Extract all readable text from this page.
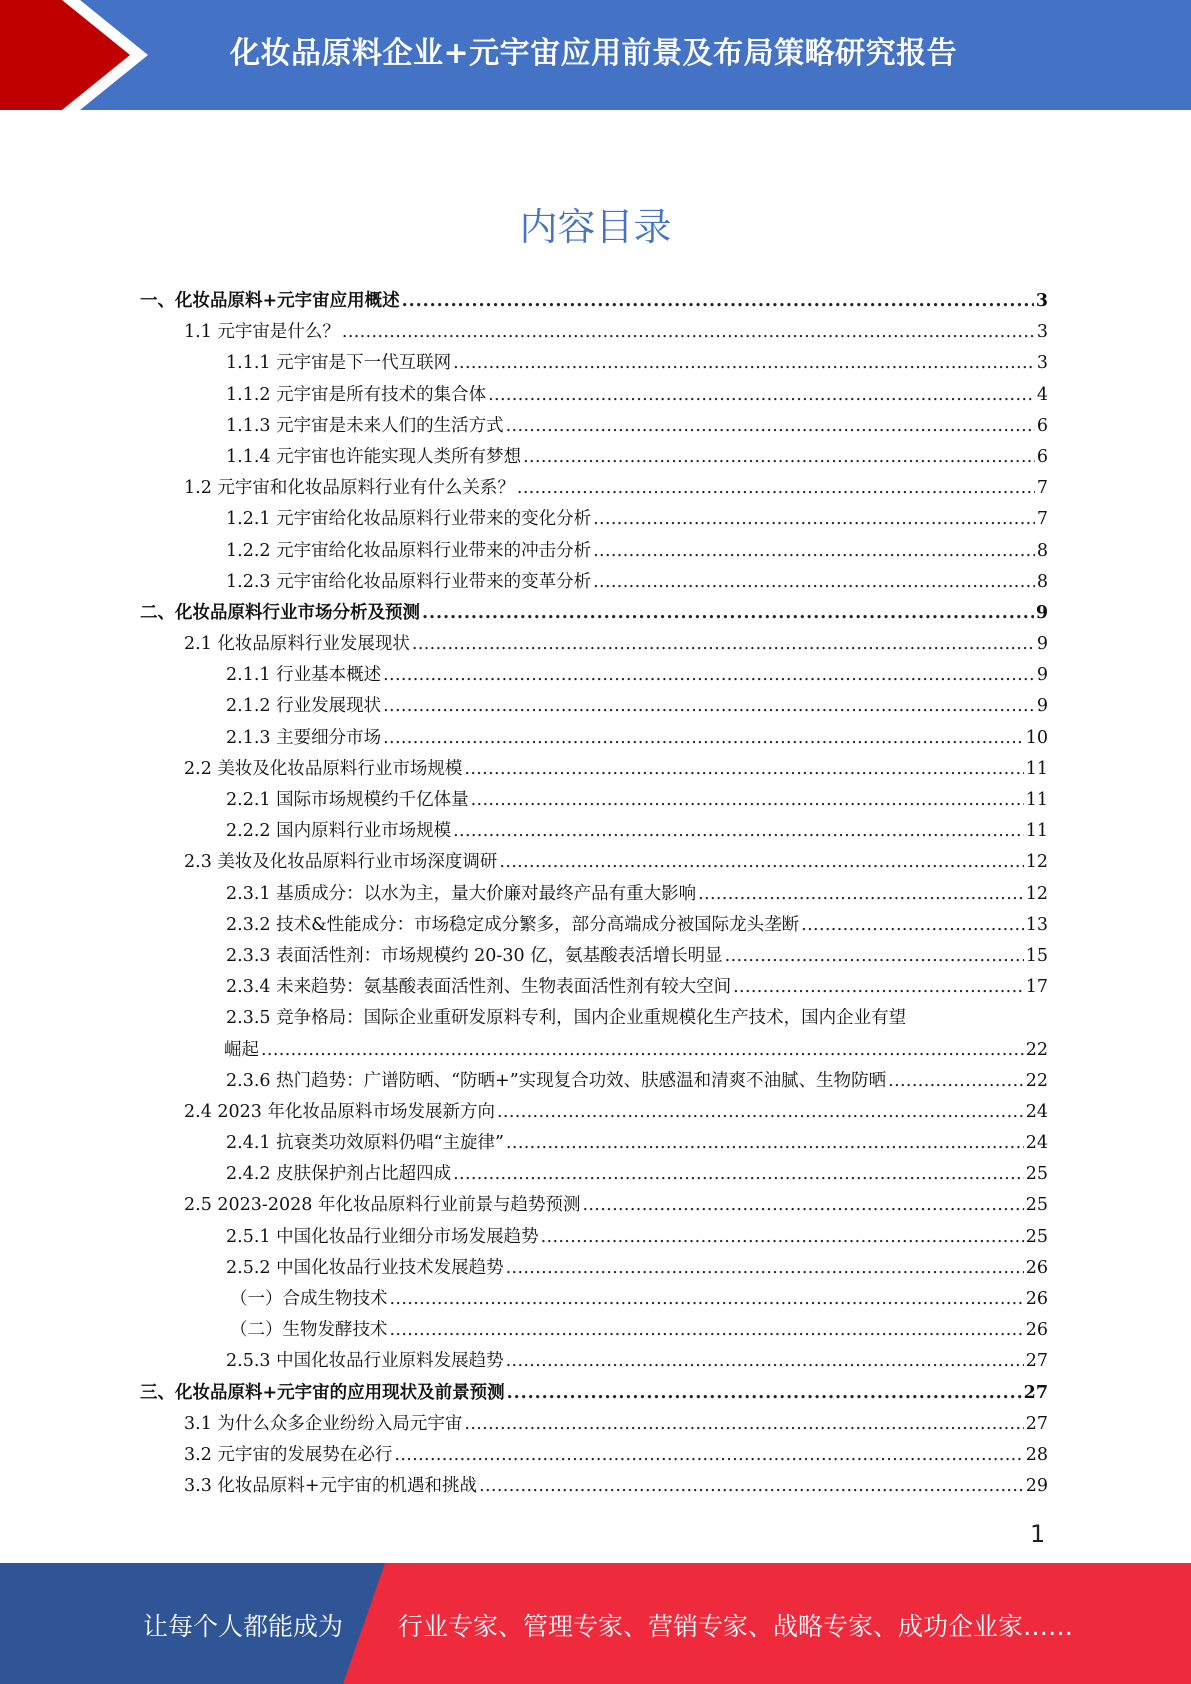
化妆品原料企业+元宇宙应用前景及布局策略研究报告
内容目录
一、化妆品原料+元宇宙应用概述 . . .	3
1.1 元宇宙是什么？ . . .	3
1.1.1 元宇宙是下一代互联网 . . .	3
1.1.2 元宇宙是所有技术的集合体 . . .	4
1.1.3 元宇宙是未来人们的生活方式 . . .	6
1.1.4 元宇宙也许能实现人类所有梦想 . . .	6
1.2 元宇宙和化妆品原料行业有什么关系？ . . .	7
1.2.1 元宇宙给化妆品原料行业带来的变化分析 . . .	7
1.2.2 元宇宙给化妆品原料行业带来的冲击分析 . . .	8
1.2.3 元宇宙给化妆品原料行业带来的变革分析 . . .	8
二、化妆品原料行业市场分析及预测 . . .	9
2.1 化妆品原料行业发展现状 . . .	9
2.1.1 行业基本概述 . . .	9
2.1.2 行业发展现状 . . .	9
2.1.3 主要细分市场 . . .	10
2.2 美妆及化妆品原料行业市场规模 . . .	11
2.2.1 国际市场规模约千亿体量 . . .	11
2.2.2 国内原料行业市场规模 . . .	11
2.3 美妆及化妆品原料行业市场深度调研 . . .	12
2.3.1 基质成分：以水为主，量大价廉对最终产品有重大影响 . . .	12
2.3.2 技术&性能成分：市场稳定成分繁多，部分高端成分被国际龙头垄断 . . .	13
2.3.3 表面活性剂：市场规模约 20-30 亿，氨基酸表活增长明显 . . .	15
2.3.4 未来趋势：氨基酸表面活性剂、生物表面活性剂有较大空间 . . .	17
2.3.5 竞争格局：国际企业重研发原料专利，国内企业重规模化生产技术，国内企业有望
崛起 . . .	22
2.3.6 热门趋势：广谱防晒、“防晒+”实现复合功效、肤感温和清爽不油腻、生物防晒 . . .	22
2.4 2023 年化妆品原料市场发展新方向 . . .	24
2.4.1 抗衰类功效原料仍唱“主旋律” . . .	24
2.4.2 皮肤保护剂占比超四成 . . .	25
2.5 2023-2028 年化妆品原料行业前景与趋势预测 . . .	25
2.5.1 中国化妆品行业细分市场发展趋势 . . .	25
2.5.2 中国化妆品行业技术发展趋势 . . .	26
（一）合成生物技术 . . .	26
（二）生物发酵技术 . . .	26
2.5.3 中国化妆品行业原料发展趋势 . . .	27
三、化妆品原料+元宇宙的应用现状及前景预测 . . .	27
3.1 为什么众多企业纷纷入局元宇宙 . . .	27
3.2 元宇宙的发展势在必行 . . .	28
3.3 化妆品原料+元宇宙的机遇和挑战 . . .	29
1
让每个人都能成为 行业专家、管理专家、营销专家、战略专家、成功企业家……
